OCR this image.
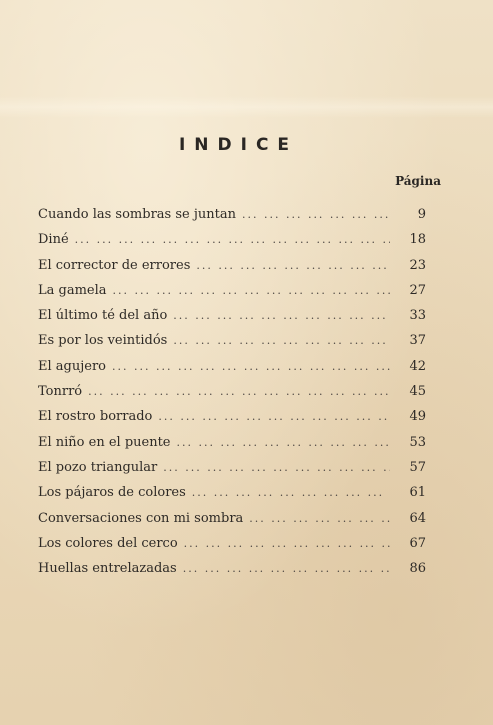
INDICE
Página
Cuando las sombras se juntan ... .	9
Diné ... .	18
El corrector de errores ... .	23
La gamela ... .	27
El último té del año ... .	33
Es por los veintidós ... .	37
El agujero ... .	42
Tonrró ... .	45
El rostro borrado ... .	49
El niño en el puente ... .	53
El pozo triangular ... .	57
Los pájaros de colores ... .	61
Conversaciones con mi sombra ... .	64
Los colores del cerco ... .	67
Huellas entrelazadas ... .	86
